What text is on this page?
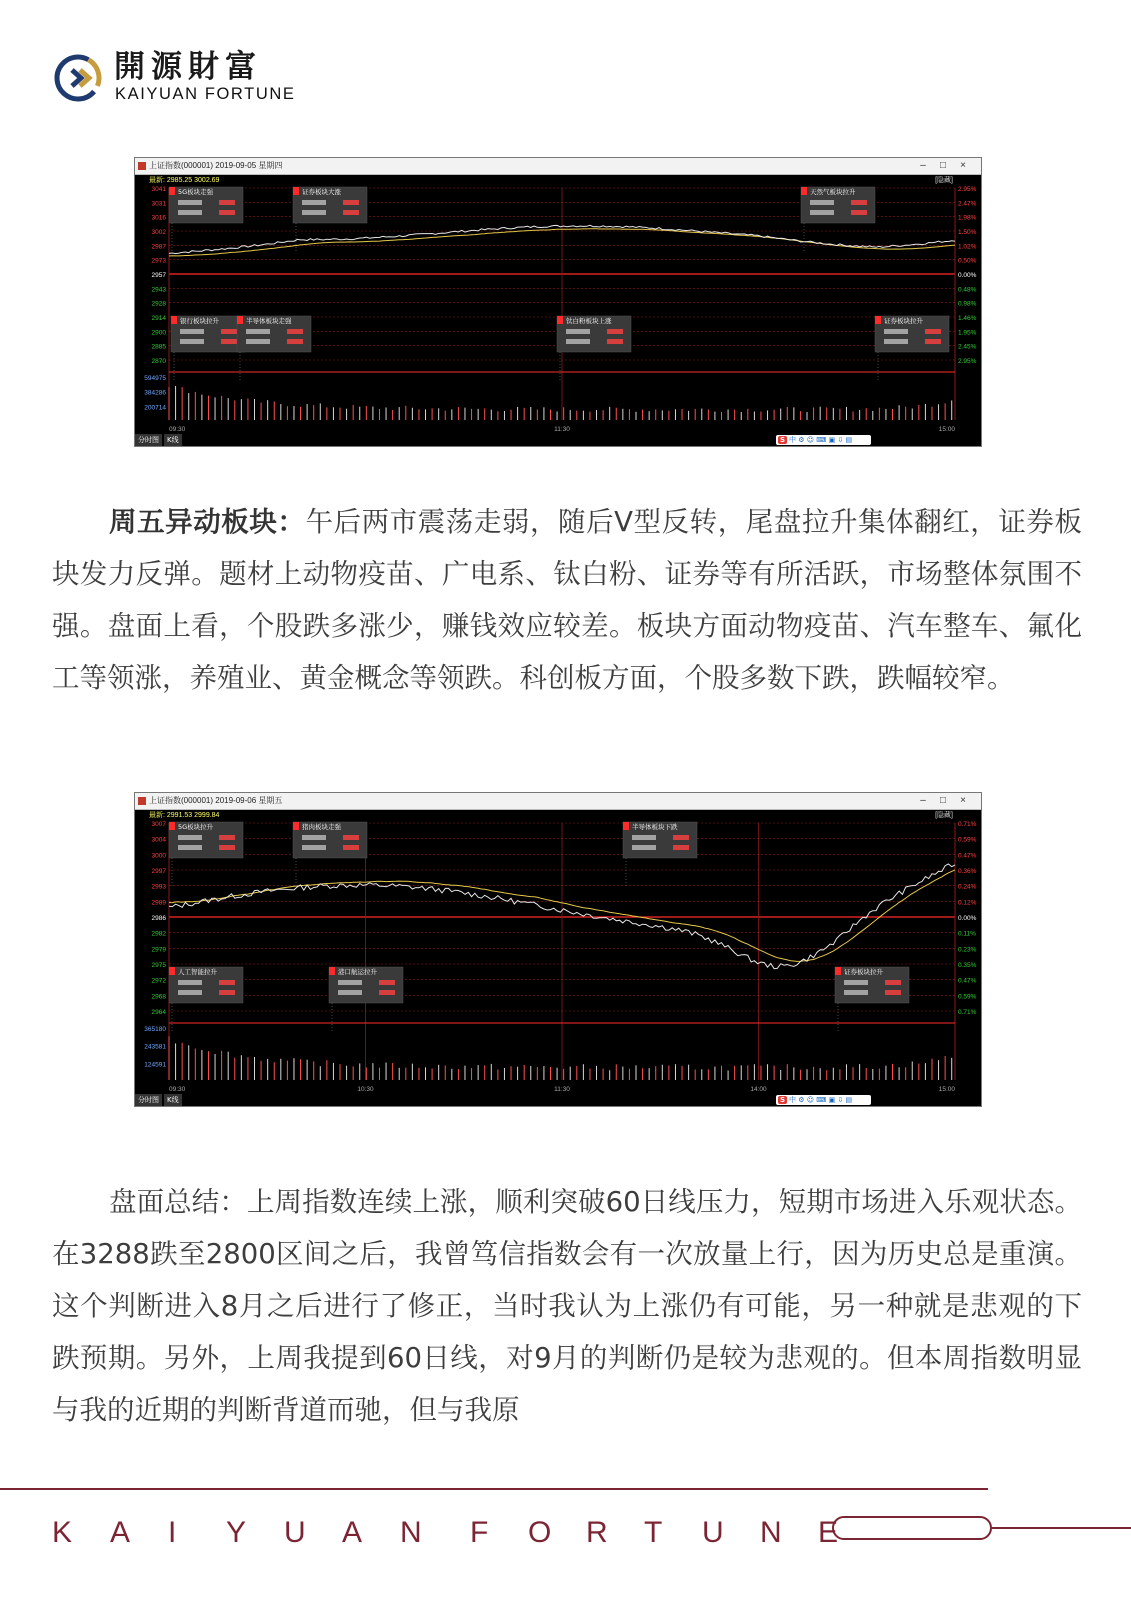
開源財富
KAIYUAN FORTUNE
上证指数(000001) 2019-09-05 星期四	– □ ×
最新: 2985.25 3002.69	[隐藏]
3041	2.95%
3031	2.47%
3016	1.98%
3002	1.50%
2987	1.02%
2973	0.50%
2957	0.00%
2943	0.48%
2928	0.98%
2914	1.46%
2900	1.95%
2885	2.45%
2870	2.95%
09:30	11:30	15:00
594975
384286
200714
5G板块走强	证券板块大涨	天然气板块拉升
银行板块拉升	半导体板块走强	钛白粉板块上涨	证券板块拉升
分时图 K线	S 中 ⚙ ☺ ⌨ ▣ ⇩ ▤
周五异动板块：午后两市震荡走弱，随后V型反转，尾盘拉升集体翻红，证券板块发力反弹。题材上动物疫苗、广电系、钛白粉、证券等有所活跃，市场整体氛围不强。盘面上看，个股跌多涨少，赚钱效应较差。板块方面动物疫苗、汽车整车、氟化工等领涨，养殖业、黄金概念等领跌。科创板方面，个股多数下跌，跌幅较窄。
上证指数(000001) 2019-09-06 星期五	– □ ×
最新: 2991.53 2999.84	[隐藏]
3007	0.71%
3004	0.59%
3000	0.47%
2997	0.36%
2993	0.24%
2989	0.12%
2986	0.00%
2982	0.11%
2979	0.23%
2975	0.35%
2972	0.47%
2968	0.59%
2964	0.71%
09:30	10:30	11:30	14:00	15:00
365180
243581
124591
5G板块拉升	猪肉板块走强	半导体板块下跌
人工智能拉升	港口航运拉升	证券板块拉升
分时图 K线	S 中 ⚙ ☺ ⌨ ▣ ⇩ ▤
盘面总结：上周指数连续上涨，顺利突破60日线压力，短期市场进入乐观状态。在3288跌至2800区间之后，我曾笃信指数会有一次放量上行，因为历史总是重演。这个判断进入8月之后进行了修正，当时我认为上涨仍有可能，另一种就是悲观的下跌预期。另外，上周我提到60日线，对9月的判断仍是较为悲观的。但本周指数明显与我的近期的判断背道而驰，但与我原
K A I Y U A N F O R T U N E
